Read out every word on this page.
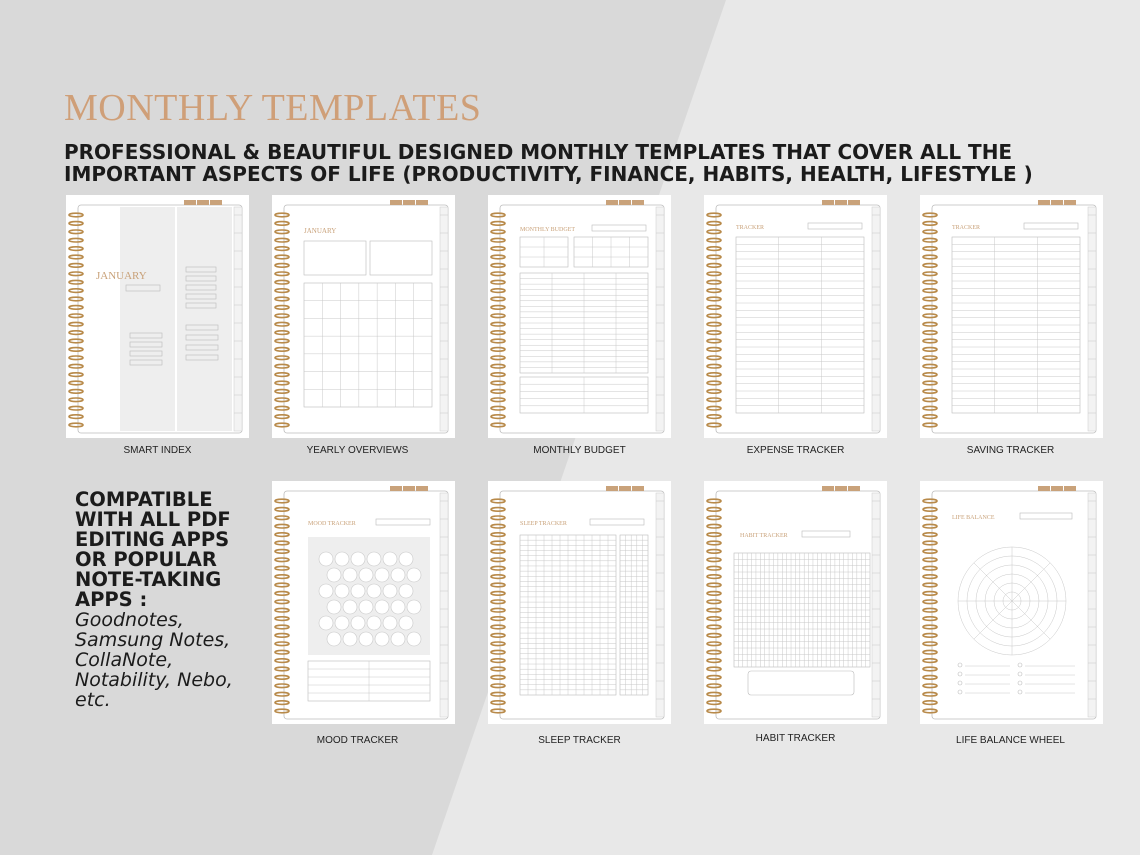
MONTHLY TEMPLATES
PROFESSIONAL & BEAUTIFUL DESIGNED MONTHLY TEMPLATES THAT COVER ALL THE
IMPORTANT ASPECTS OF LIFE (PRODUCTIVITY, FINANCE, HABITS, HEALTH, LIFESTYLE )
COMPATIBLE
WITH ALL PDF
EDITING APPS
OR POPULAR
NOTE-TAKING
APPS :
Goodnotes,
Samsung Notes,
CollaNote,
Notability, Nebo,
etc.
JANUARY
JANUARY	MONTHLY BUDGET	TRACKER	TRACKER
MOOD TRACKER	SLEEP TRACKER
HABIT TRACKER
LIFE BALANCE
SMART INDEX	YEARLY OVERVIEWS	MONTHLY BUDGET	EXPENSE TRACKER	SAVING TRACKER
MOOD TRACKER	SLEEP TRACKER	HABIT TRACKER	LIFE BALANCE WHEEL
